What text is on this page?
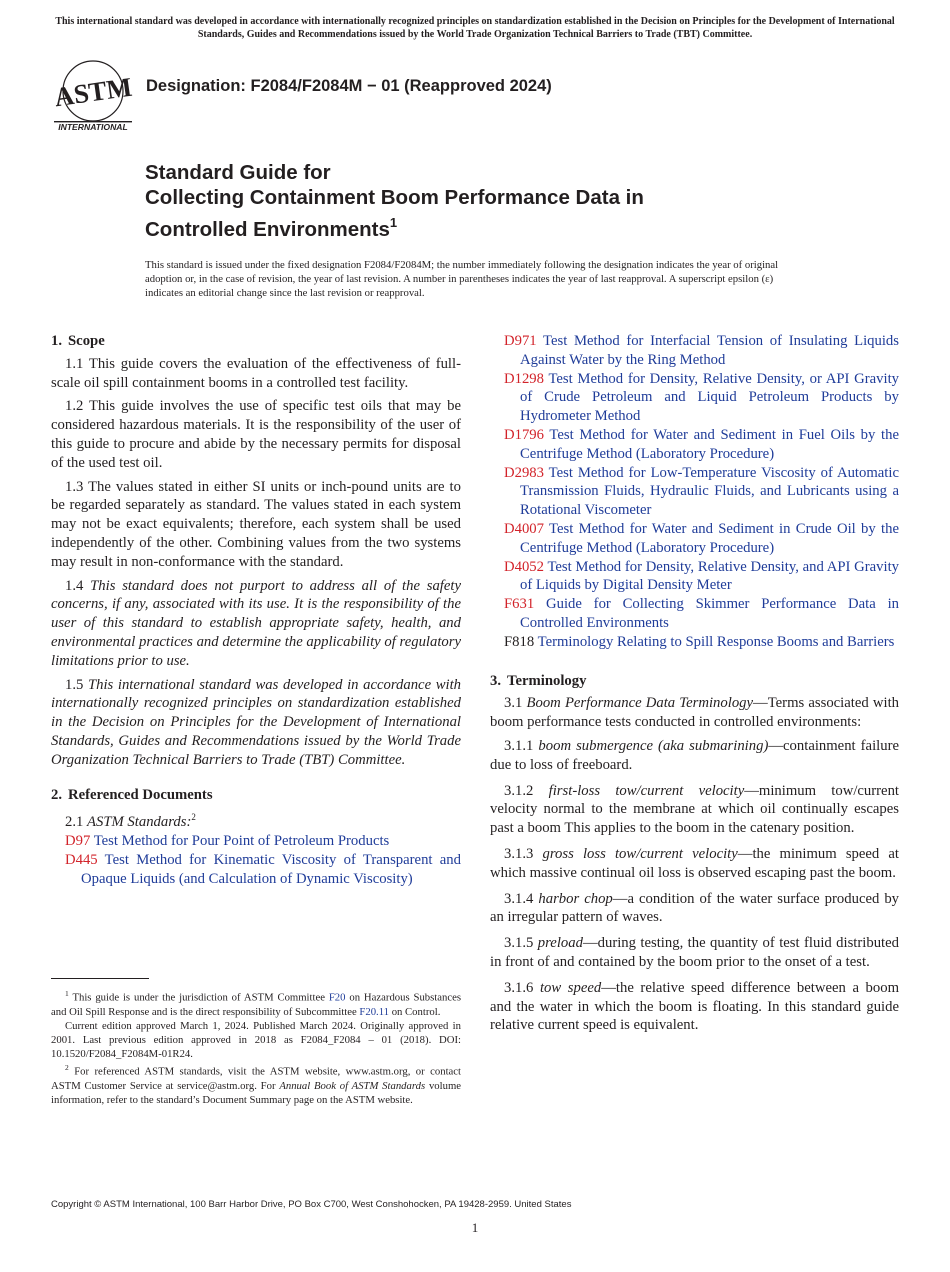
This international standard was developed in accordance with internationally recognized principles on standardization established in the Decision on Principles for the Development of International Standards, Guides and Recommendations issued by the World Trade Organization Technical Barriers to Trade (TBT) Committee.
ASTM
INTERNATIONAL
Designation: F2084/F2084M − 01 (Reapproved 2024)
Standard Guide for
Collecting Containment Boom Performance Data in
Controlled Environments$^1$
This standard is issued under the fixed designation F2084/F2084M; the number immediately following the designation indicates the year of original adoption or, in the case of revision, the year of last revision. A number in parentheses indicates the year of last reapproval. A superscript epsilon (ε) indicates an editorial change since the last revision or reapproval.
1. Scope

1.1 This guide covers the evaluation of the effectiveness of full-scale oil spill containment booms in a controlled test facility.

1.2 This guide involves the use of specific test oils that may be considered hazardous materials. It is the responsibility of the user of this guide to procure and abide by the necessary permits for disposal of the used test oil.

1.3 The values stated in either SI units or inch-pound units are to be regarded separately as standard. The values stated in each system may not be exact equivalents; therefore, each system shall be used independently of the other. Combining values from the two systems may result in non-conformance with the standard.

1.4 This standard does not purport to address all of the safety concerns, if any, associated with its use. It is the responsibility of the user of this standard to establish appropriate safety, health, and environmental practices and determine the applicability of regulatory limitations prior to use.

1.5 This international standard was developed in accordance with internationally recognized principles on standardization established in the Decision on Principles for the Development of International Standards, Guides and Recommendations issued by the World Trade Organization Technical Barriers to Trade (TBT) Committee.

2. Referenced Documents

2.1 ASTM Standards:$^2$

D97 Test Method for Pour Point of Petroleum Products

D445 Test Method for Kinematic Viscosity of Transparent and Opaque Liquids (and Calculation of Dynamic Viscosity)

$^1$ This guide is under the jurisdiction of ASTM Committee F20 on Hazardous Substances and Oil Spill Response and is the direct responsibility of Subcommittee F20.11 on Control.

Current edition approved March 1, 2024. Published March 2024. Originally approved in 2001. Last previous edition approved in 2018 as F2084_F2084 – 01 (2018). DOI: 10.1520/F2084_F2084M-01R24.

$^2$ For referenced ASTM standards, visit the ASTM website, www.astm.org, or contact ASTM Customer Service at service@astm.org. For Annual Book of ASTM Standards volume information, refer to the standard’s Document Summary page on the ASTM website.

D971 Test Method for Interfacial Tension of Insulating Liquids Against Water by the Ring Method

D1298 Test Method for Density, Relative Density, or API Gravity of Crude Petroleum and Liquid Petroleum Products by Hydrometer Method

D1796 Test Method for Water and Sediment in Fuel Oils by the Centrifuge Method (Laboratory Procedure)

D2983 Test Method for Low-Temperature Viscosity of Automatic Transmission Fluids, Hydraulic Fluids, and Lubricants using a Rotational Viscometer

D4007 Test Method for Water and Sediment in Crude Oil by the Centrifuge Method (Laboratory Procedure)

D4052 Test Method for Density, Relative Density, and API Gravity of Liquids by Digital Density Meter

F631 Guide for Collecting Skimmer Performance Data in Controlled Environments

F818 Terminology Relating to Spill Response Booms and Barriers

3. Terminology

3.1 Boom Performance Data Terminology—Terms associated with boom performance tests conducted in controlled environments:

3.1.1 boom submergence (aka submarining)—containment failure due to loss of freeboard.

3.1.2 first-loss tow/current velocity—minimum tow/current velocity normal to the membrane at which oil continually escapes past a boom This applies to the boom in the catenary position.

3.1.3 gross loss tow/current velocity—the minimum speed at which massive continual oil loss is observed escaping past the boom.

3.1.4 harbor chop—a condition of the water surface produced by an irregular pattern of waves.

3.1.5 preload—during testing, the quantity of test fluid distributed in front of and contained by the boom prior to the onset of a test.

3.1.6 tow speed—the relative speed difference between a boom and the water in which the boom is floating. In this standard guide relative current speed is equivalent.

Copyright © ASTM International, 100 Barr Harbor Drive, PO Box C700, West Conshohocken, PA 19428-2959. United States
1
